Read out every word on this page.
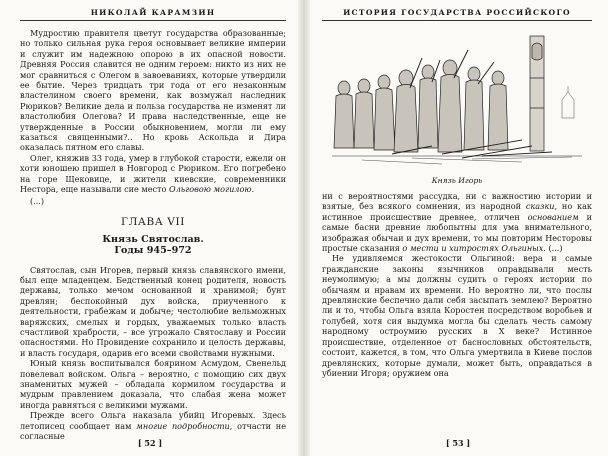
НИКОЛАЙ КАРАМЗИН

Мудростию правителя цветут государства образованные; но только сильная рука героя основывает великие империи и служит им надежною опорою в их опасной новости. Древняя Россия славится не одним героем: никто из них не мог сравниться с Олегом в завоеваниях, которые утвердили ее бытие. Через тридцать три года от его незаконным властелином своего времени, как возмужал наследник Рюриков? Великие дела и польза государства не изменят ли властолюбия Олегова? И права наследственные, еще не утвержденные в России обыкновением, могли ли ему казаться священными?.. Но кровь Аскольда и Дира оказалась пятном его славы.

Олег, княжив 33 года, умер в глубокой старости, ежели он хоти юношею пришел в Новгород с Рюриком. Его погребено на горе Щековице, и жители киевские, современники Нестора, еще называли сие место Ольговою могилою.

(...)

ГЛАВА VII
Князь Святослав.
Годы 945–972

Святослав, сын Игорев, первый князь славянского имени, был еще младенцем. Бедственный конец родителя, новость державы, только мечом основанной и хранимой; бунт древлян; беспокойный дух войска, приученного к деятельности, грабежам и добыче; честолюбие вельможных варяжских, смелых и гордых, уважаемых только власть счастливой храбрости, – все угрожало Святославу и России опасностями. Но Провидение сохранило и целость державы, и власть государя, одарив его всеми свойствами нужными.

Юный князь воспитывался боярином Асмудом, Свенельд повелевал войском. Ольга – вероятно, с помощию сих двух знаменитых мужей – обладала кормилом государства и мудрым правлением доказала, что слабая жена может иногда равняться с великими мужами.

Прежде всего Ольга наказала убийц Игоревых. Здесь летописец сообщает нам многие подробности, отчасти не согласные

[ 52 ]
ИСТОРИЯ ГОСУДАРСТВА РОССИЙСКОГО
Князь Игорь

ни с вероятностями рассудка, ни с важностию истории и взятые, без всякого сомнения, из народной сказки, но как истинное происшествие древнее, отличен основанием и самые басни древние любопытны для ума внимательного, изображая обычаи и дух времени, то мы повторим Несторовы простые сказания о мести и хитростях Ольгиных. (...)

Не удивляемся жестокости Ольгиной: вера и самые гражданские законы язычников оправдывали месть неумолимую; а мы должны судить о героях истории по обычаям и нравам их времени. Но вероятно ли, что послы древлянские беспечно дали себя засыпать землею? Вероятно ли и то, чтобы Ольга взяла Коростен посредством воробьев и голубей, хотя сия выдумка могла бы сделать честь самому народному остроумию русских в X веке? Истинное происшествие, отделенное от баснословных обстоятельств, состоит, кажется, в том, что Ольга умертвила в Киеве послов древлянских, которые думали, может быть, оправдаться в убиении Игоря; оружием она

[ 53 ]
